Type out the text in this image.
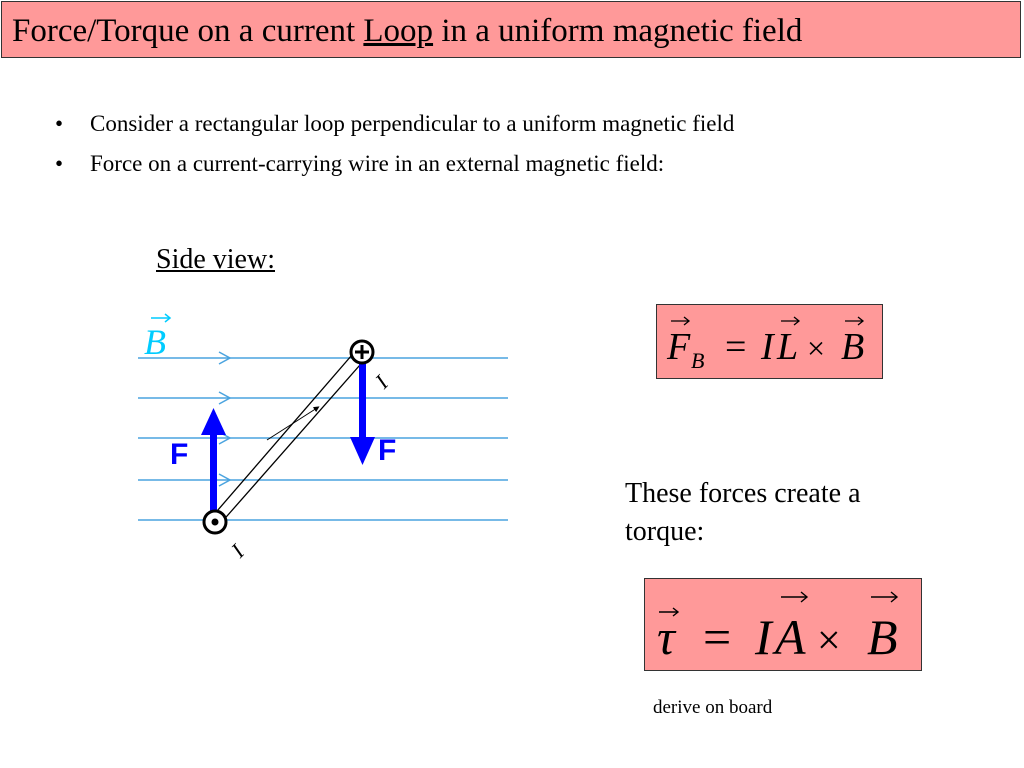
Force/Torque on a current Loop in a uniform magnetic field
• Consider a rectangular loop perpendicular to a uniform magnetic field
• Force on a current-carrying wire in an external magnetic field:
Side view:
B
F	F
I
I
F B = I L × B
These forces create a torque:
τ = I A × B
derive on board
